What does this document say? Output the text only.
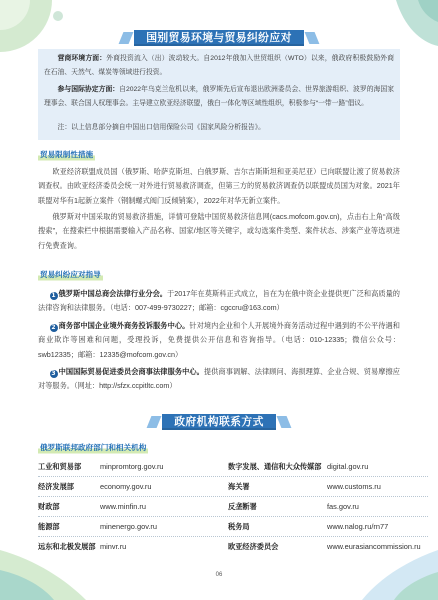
国别贸易环境与贸易纠纷应对

营商环境方面：外商投资流入（出）波动较大。自2012年俄加入世贸组织（WTO）以来，俄政府积极鼓励外商在石油、天然气、煤炭等领域进行投资。

参与国际协定方面：自2022年乌克兰危机以来，俄罗斯先后宣布退出欧洲委员会、世界旅游组织、波罗的海国家理事会、联合国人权理事会。主导建立欧亚经济联盟，俄白一体化等区域性组织，积极参与“一带一路”倡议。

注：以上信息部分摘自中国出口信用保险公司《国家风险分析报告》。

贸易限制性措施

欧亚经济联盟成员国（俄罗斯、哈萨克斯坦、白俄罗斯、吉尔吉斯斯坦和亚美尼亚）已向联盟让渡了贸易救济调查权。由欧亚经济委员会统一对外进行贸易救济调查，但第三方的贸易救济调查仍以联盟成员国为对象。2021年联盟对华有1起新立案件（钢制螺式阀门反倾销案），2022年对华无新立案件。

俄罗斯对中国采取的贸易救济措施，详情可登陆中国贸易救济信息网(cacs.mofcom.gov.cn)，点击右上角“高级搜索”，在搜索栏中根据需要输入产品名称、国家/地区等关键字，或勾选案件类型、案件状态、涉案产业等选项进行免费查询。

贸易纠纷应对指导

1 俄罗斯中国总商会法律行业分会。于2017年在莫斯科正式成立，旨在为在俄中资企业提供更广泛和高质量的法律咨询和法律服务。（电话：007-499-9730227；邮箱：cgccru@163.com）

2 商务部中国企业境外商务投诉服务中心。针对境内企业和个人开展境外商务活动过程中遇到的不公平待遇和商业欺诈等困难和问题，受理投诉，免费提供公开信息和咨询指导。（电话：010-12335；微信公众号：swb12335；邮箱：12335@mofcom.gov.cn）

3 中国国际贸易促进委员会商事法律服务中心。提供商事调解、法律顾问、海损理算、企业合规、贸易摩擦应对等服务。（网址：http://sfzx.ccpitltc.com）

政府机构联系方式
俄罗斯联邦政府部门和相关机构
工业和贸易部	minpromtorg.gov.ru	数字发展、通信和大众传媒部 digital.gov.ru
经济发展部	economy.gov.ru	海关署	www.customs.ru
财政部	www.minfin.ru	反垄断署	fas.gov.ru
能源部	minenergo.gov.ru	税务局	www.nalog.ru/rn77
远东和北极发展部 minvr.ru	欧亚经济委员会	www.eurasiancommission.ru
06
